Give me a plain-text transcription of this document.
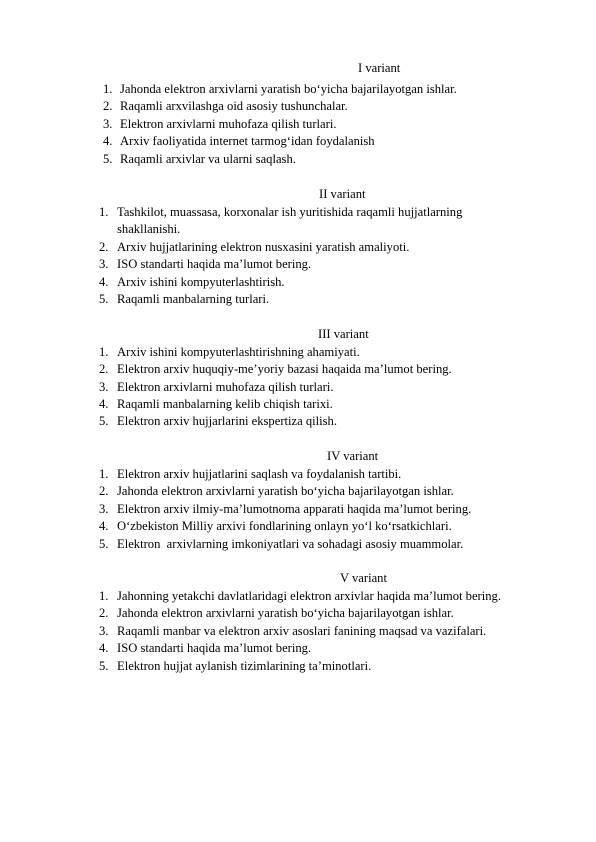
I variant
1. Jahonda elektron arxivlarni yaratish bo‘yicha bajarilayotgan ishlar.
2. Raqamli arxvilashga oid asosiy tushunchalar.
3. Elektron arxivlarni muhofaza qilish turlari.
4. Arxiv faoliyatida internet tarmog‘idan foydalanish
5. Raqamli arxivlar va ularni saqlash.
II variant
1. Tashkilot, muassasa, korxonalar ish yuritishida raqamli hujjatlarning shakllanishi.
2. Arxiv hujjatlarining elektron nusxasini yaratish amaliyoti.
3. ISO standarti haqida ma’lumot bering.
4. Arxiv ishini kompyuterlashtirish.
5. Raqamli manbalarning turlari.
III variant
1. Arxiv ishini kompyuterlashtirishning ahamiyati.
2. Elektron arxiv huquqiy-me’yoriy bazasi haqaida ma’lumot bering.
3. Elektron arxivlarni muhofaza qilish turlari.
4. Raqamli manbalarning kelib chiqish tarixi.
5. Elektron arxiv hujjarlarini ekspertiza qilish.
IV variant
1. Elektron arxiv hujjatlarini saqlash va foydalanish tartibi.
2. Jahonda elektron arxivlarni yaratish bo‘yicha bajarilayotgan ishlar.
3. Elektron arxiv ilmiy-ma’lumotnoma apparati haqida ma’lumot bering.
4. O‘zbekiston Milliy arxivi fondlarining onlayn yo‘l ko‘rsatkichlari.
5. Elektron  arxivlarning imkoniyatlari va sohadagi asosiy muammolar.
V variant
1. Jahonning yetakchi davlatlaridagi elektron arxivlar haqida ma’lumot bering.
2. Jahonda elektron arxivlarni yaratish bo‘yicha bajarilayotgan ishlar.
3. Raqamli manbar va elektron arxiv asoslari fanining maqsad va vazifalari.
4. ISO standarti haqida ma’lumot bering.
5. Elektron hujjat aylanish tizimlarining ta’minotlari.
